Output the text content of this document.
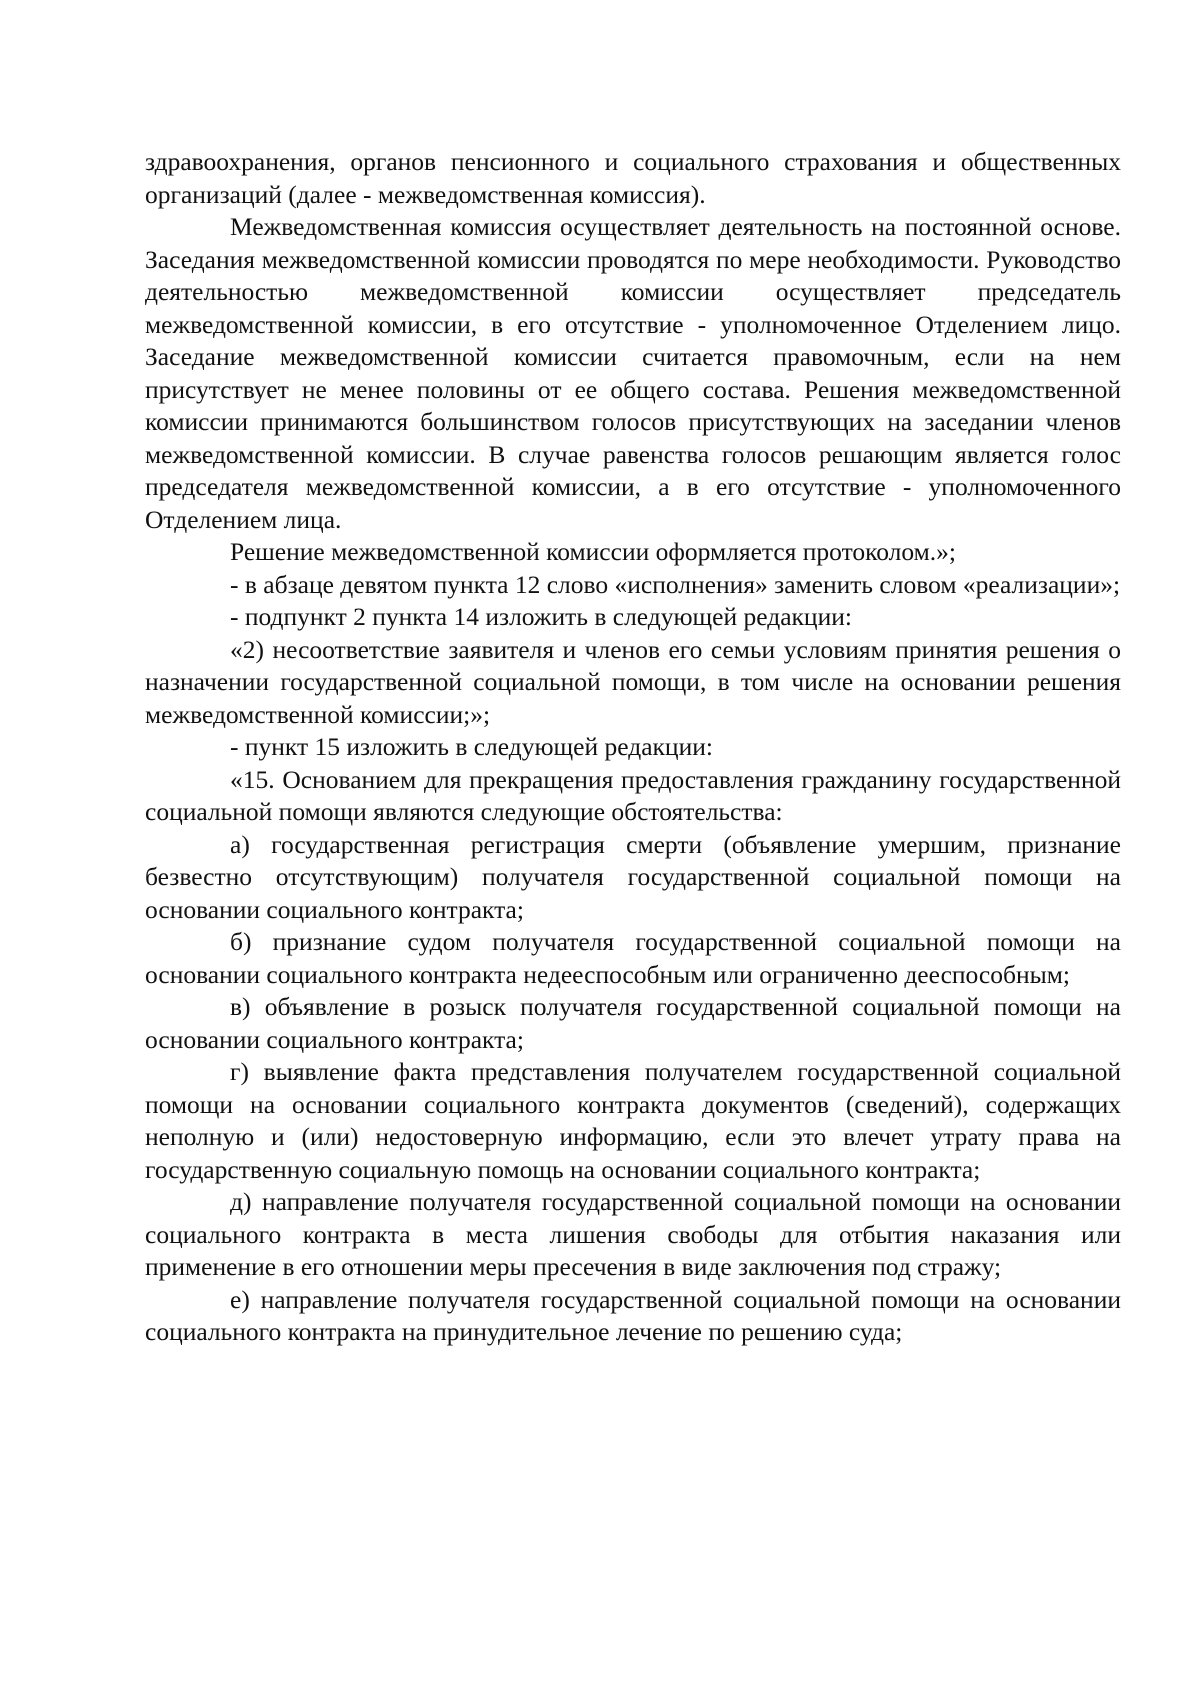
здравоохранения, органов пенсионного и социального страхования и общественных организаций (далее - межведомственная комиссия).

Межведомственная комиссия осуществляет деятельность на постоянной основе. Заседания межведомственной комиссии проводятся по мере необходимости. Руководство деятельностью межведомственной комиссии осуществляет председатель межведомственной комиссии, в его отсутствие - уполномоченное Отделением лицо. Заседание межведомственной комиссии считается правомочным, если на нем присутствует не менее половины от ее общего состава. Решения межведомственной комиссии принимаются большинством голосов присутствующих на заседании членов межведомственной комиссии. В случае равенства голосов решающим является голос председателя межведомственной комиссии, а в его отсутствие - уполномоченного Отделением лица.

Решение межведомственной комиссии оформляется протоколом.»;

- в абзаце девятом пункта 12 слово «исполнения» заменить словом «реализации»;

- подпункт 2 пункта 14 изложить в следующей редакции:

«2) несоответствие заявителя и членов его семьи условиям принятия решения о назначении государственной социальной помощи, в том числе на основании решения межведомственной комиссии;»;

- пункт 15 изложить в следующей редакции:

«15. Основанием для прекращения предоставления гражданину государственной социальной помощи являются следующие обстоятельства:

а) государственная регистрация смерти (объявление умершим, признание безвестно отсутствующим) получателя государственной социальной помощи на основании социального контракта;

б) признание судом получателя государственной социальной помощи на основании социального контракта недееспособным или ограниченно дееспособным;

в) объявление в розыск получателя государственной социальной помощи на основании социального контракта;

г) выявление факта представления получателем государственной социальной помощи на основании социального контракта документов (сведений), содержащих неполную и (или) недостоверную информацию, если это влечет утрату права на государственную социальную помощь на основании социального контракта;

д) направление получателя государственной социальной помощи на основании социального контракта в места лишения свободы для отбытия наказания или применение в его отношении меры пресечения в виде заключения под стражу;

е) направление получателя государственной социальной помощи на основании социального контракта на принудительное лечение по решению суда;
